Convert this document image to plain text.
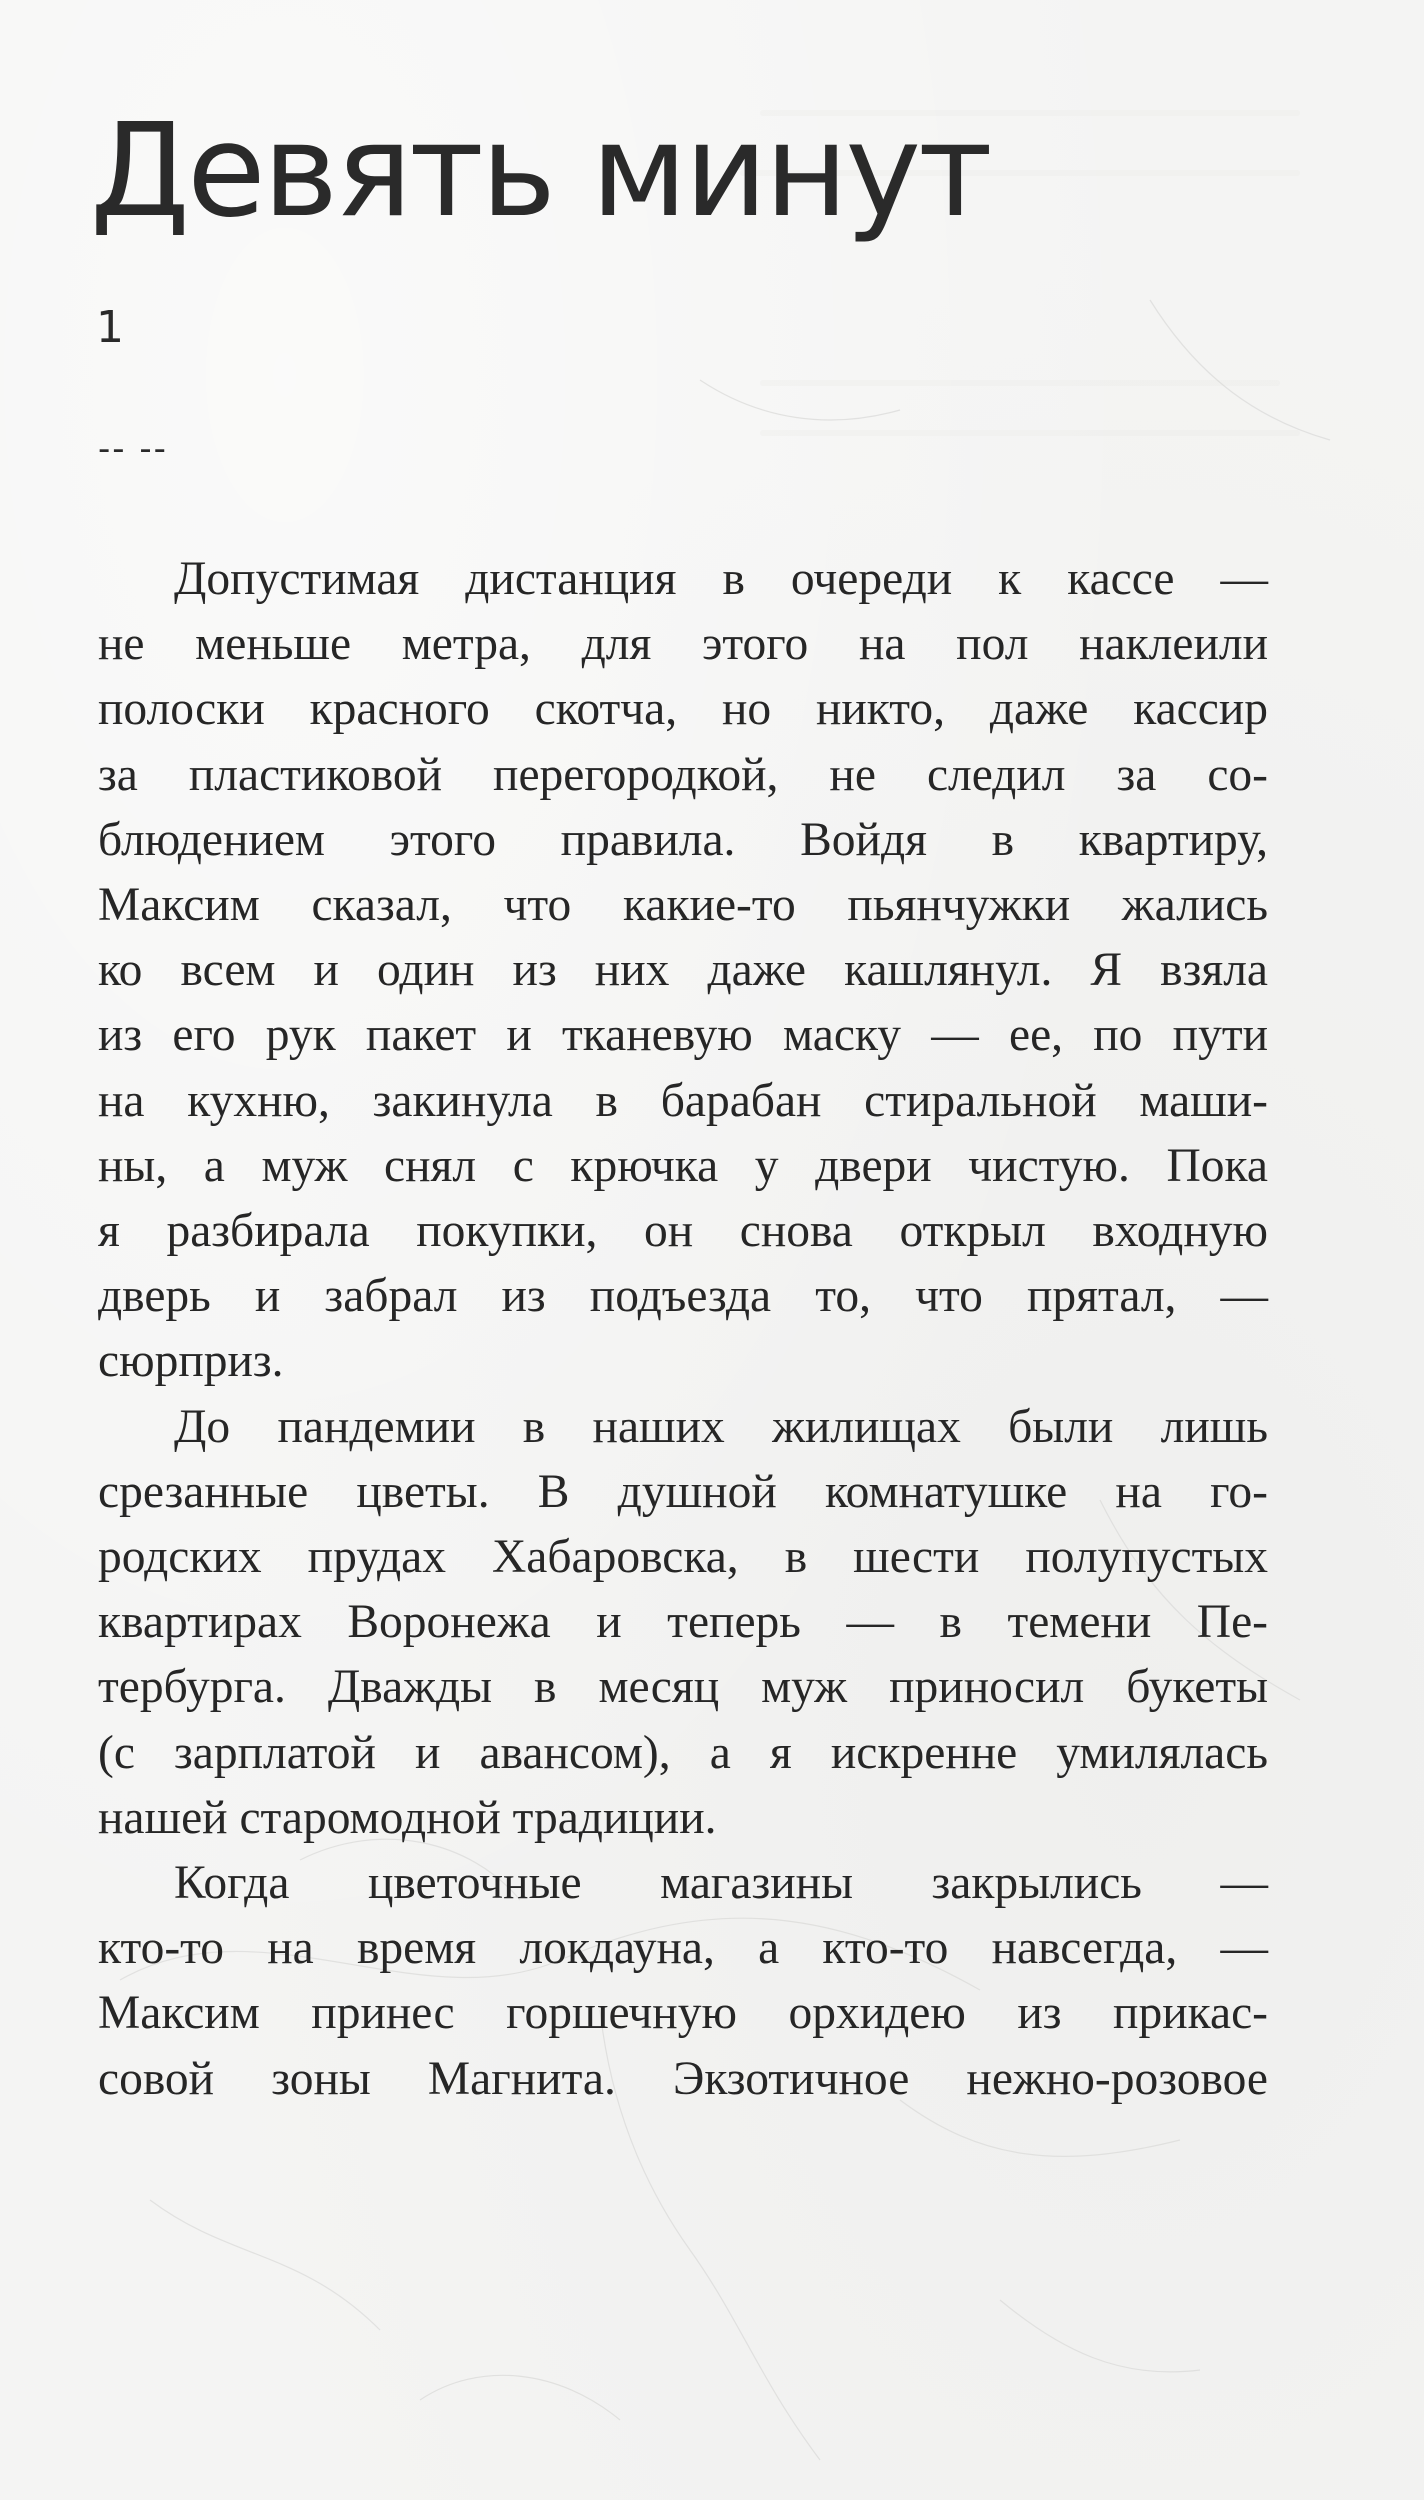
Девять минут
1
-- --

Допустимая дистанция в очереди к кассе —
не меньше метра, для этого на пол наклеили
полоски красного скотча, но никто, даже кассир
за пластиковой перегородкой, не следил за со-
блюдением этого правила. Войдя в квартиру,
Максим сказал, что какие-то пьянчужки жались
ко всем и один из них даже кашлянул. Я взяла
из его рук пакет и тканевую маску — ее, по пути
на кухню, закинула в барабан стиральной маши-
ны, а муж снял с крючка у двери чистую. Пока
я разбирала покупки, он снова открыл входную
дверь и забрал из подъезда то, что прятал, —
сюрприз.

До пандемии в наших жилищах были лишь
срезанные цветы. В душной комнатушке на го-
родских прудах Хабаровска, в шести полупустых
квартирах Воронежа и теперь — в темени Пе-
тербурга. Дважды в месяц муж приносил букеты
(с зарплатой и авансом), а я искренне умилялась
нашей старомодной традиции.

Когда цветочные магазины закрылись —
кто-то на время локдауна, а кто-то навсегда, —
Максим принес горшечную орхидею из прикас-
совой зоны Магнита. Экзотичное нежно-розовое
